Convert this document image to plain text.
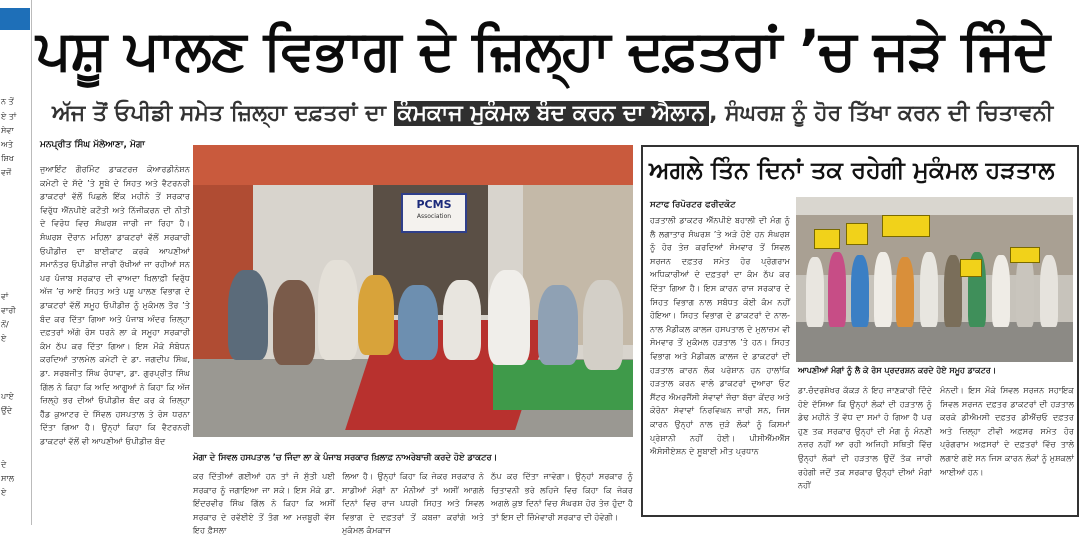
ਨ ਤੋਂ
ਏ ਤਾਂ
ਸੇਵਾ
ਅਤੇ
ਸ਼ਿਖ
ਵਜੋਂ
ਵਾਂ
ਵਾਰੀ
ਨੋਂ/
ਏ
ਪਾਏ
ਉਂਦੇ
ਦੇ
ਸਾਲ
ਏ
ਪਸ਼ੂ ਪਾਲਣ ਵਿਭਾਗ ਦੇ ਜ਼ਿਲ੍ਹਾ ਦਫ਼ਤਰਾਂ ’ਚ ਜੜੇ ਜਿੰਦੇ
ਅੱਜ ਤੋਂ ਓਪੀਡੀ ਸਮੇਤ ਜ਼ਿਲ੍ਹਾ ਦਫ਼ਤਰਾਂ ਦਾ ਕੰਮਕਾਜ ਮੁਕੰਮਲ ਬੰਦ ਕਰਨ ਦਾ ਐਲਾਨ , ਸੰਘਰਸ਼ ਨੂੰ ਹੋਰ ਤਿੱਖਾ ਕਰਨ ਦੀ ਚਿਤਾਵਨੀ
ਮਨਪ੍ਰੀਤ ਸਿੰਘ ਮੱਲੇਆਣਾ, ਮੋਗਾ
ਜੁਆਇੰਟ ਗੌਰਮਿੰਟ ਡਾਕਟਰਜ਼ ਕੋਆਰਡੀਨੇਸ਼ਨ ਕਮੇਟੀ ਦੇ ਸੱਦੇ ’ਤੇ ਸੂਬੇ ਦੇ ਸਿਹਤ ਅਤੇ ਵੈਟਰਨਰੀ ਡਾਕਟਰਾਂ ਵੱਲੋਂ ਪਿਛਲੇ ਇੱਕ ਮਹੀਨੇ ਤੋਂ ਸਰਕਾਰ ਵਿਰੁੱਧ ਐੱਨਪੀਏ ਕਟੌਤੀ ਅਤੇ ਨਿੱਜੀਕਰਨ ਦੀ ਨੀਤੀ ਦੇ ਵਿਰੋਧ ਵਿਚ ਸੰਘਰਸ਼ ਜਾਰੀ ਜਾ ਰਿਹਾ ਹੈ। ਸੰਘਰਸ਼ ਦੌਰਾਨ ਮਹਿਲਾ ਡਾਕਟਰਾਂ ਵੱਲੋਂ ਸਰਕਾਰੀ ਓਪੀਡੀਜ਼ ਦਾ ਬਾਈਕਾਟ ਕਰਕੇ ਆਪਣੀਆਂ ਸਮਾਨੰਤਰ ਓਪੀਡੀਜ਼ ਜਾਰੀ ਰੱਖੀਆਂ ਜਾ ਰਹੀਆਂ ਸਨ ਪਰ ਪੰਜਾਬ ਸਰਕਾਰ ਦੀ ਵਾਅਦਾ ਖ਼ਿਲਾਫ਼ੀ ਵਿਰੁੱਧ ਅੱਜ ’ਚ ਆਏ ਸਿਹਤ ਅਤੇ ਪਸ਼ੂ ਪਾਲਣ ਵਿਭਾਗ ਦੇ ਡਾਕਟਰਾਂ ਵੱਲੋਂ ਸਮੂਹ ਓਪੀਡੀਜ਼ ਨੂੰ ਮੁਕੰਮਲ ਤੌਰ ’ਤੇ ਬੰਦ ਕਰ ਦਿੱਤਾ ਗਿਆ ਅਤੇ ਪੰਜਾਬ ਅੰਦਰ ਜ਼ਿਲ੍ਹਾ ਦਫ਼ਤਰਾਂ ਅੱਗੇ ਰੋਸ ਧਰਨੇ ਲਾ ਕੇ ਸਮੂਹਾ ਸਰਕਾਰੀ ਕੰਮ ਠੱਪ ਕਰ ਦਿੱਤਾ ਗਿਆ। ਇਸ ਮੌਕੇ ਸੰਬੋਧਨ ਕਰਦਿਆਂ ਤਾਲਮੇਲ ਕਮੇਟੀ ਦੇ ਡਾ. ਜਗਦੀਪ ਸਿੰਘ, ਡਾ. ਸਰਬਜੀਤ ਸਿੰਘ ਰੰਧਾਵਾ, ਡਾ. ਗੁਰਪ੍ਰੀਤ ਸਿੰਘ ਗਿੱਲ ਨੇ ਕਿਹਾ ਕਿ ਅਦਿ ਆਗੂਆਂ ਨੇ ਕਿਹਾ ਕਿ ਅੱਜ ਜ਼ਿਲ੍ਹੇ ਭਰ ਦੀਆਂ ਓਪੀਡੀਜ਼ ਬੰਦ ਕਰ ਕੇ ਜ਼ਿਲ੍ਹਾ ਹੈੱਡ ਕੁਆਟਰ ਦੇ ਸਿੱਵਲ ਹਸਪਤਾਲ ਤੇ ਰੋਸ ਧਰਨਾ ਦਿੱਤਾ ਗਿਆ ਹੈ। ਉਨ੍ਹਾਂ ਕਿਹਾ ਕਿ ਵੈਟਰਨਰੀ ਡਾਕਟਰਾਂ ਵੱਲੋਂ ਵੀ ਆਪਣੀਆਂ ਓਪੀਡੀਜ਼ ਬੰਦ
PCMS
Association
ਮੋਗਾ ਦੇ ਸਿਵਲ ਹਸਪਤਾਲ ’ਚ ਜਿੰਦਾ ਲਾ ਕੇ ਪੰਜਾਬ ਸਰਕਾਰ ਖ਼ਿਲਾਫ਼ ਨਾਅਰੇਬਾਜ਼ੀ ਕਰਦੇ ਹੋਏ ਡਾਕਟਰ।
ਕਰ ਦਿੱਤੀਆਂ ਗਈਆਂ ਹਨ ਤਾਂ ਜੋ ਸੁੱਤੀ ਪਈ ਸਰਕਾਰ ਨੂੰ ਜਗਾਇਆ ਜਾ ਸਕੇ। ਇਸ ਮੌਕੇ ਡਾ. ਇੰਦਰਵੀਰ ਸਿੰਘ ਗਿੱਲ ਨੇ ਕਿਹਾ ਕਿ ਅਸੀਂ ਸਰਕਾਰ ਦੇ ਰਵੱਈਏ ਤੋਂ ਤੰਗ ਆ ਮਜ਼ਬੂਰੀ ਵੱਸ ਇਹ ਫ਼ੈਸਲਾ
ਲਿਆ ਹੈ। ਉਨ੍ਹਾਂ ਕਿਹਾ ਕਿ ਜੇਕਰ ਸਰਕਾਰ ਨੇ ਸਾਡੀਆਂ ਮੰਗਾਂ ਨਾ ਮੰਨੀਆਂ ਤਾਂ ਅਸੀਂ ਆਗਲੇ ਦਿਨਾਂ ਵਿਚ ਰਾਜ ਪਧਰੀ ਸਿਹਤ ਅਤੇ ਸਿਵਲ ਵਿਭਾਗ ਦੇ ਦਫ਼ਤਰਾਂ ਤੋਂ ਕਬਜ਼ਾ ਕਰਾਂਗੇ ਅਤੇ ਮੁਕੰਮਲ ਕੰਮਕਾਜ
ਠੱਪ ਕਰ ਦਿੱਤਾ ਜਾਵੇਗਾ। ਉਨ੍ਹਾਂ ਸਰਕਾਰ ਨੂੰ ਚਿਤਾਵਨੀ ਭਰੇ ਲਹਿਜੇ ਵਿਚ ਕਿਹਾ ਕਿ ਜੇਕਰ ਅਗਲੇ ਕੁਝ ਦਿਨਾਂ ਵਿਚ ਸੰਘਰਸ਼ ਹੋਰ ਤੇਜ਼ ਹੁੰਦਾ ਹੈ ਤਾਂ ਇਸ ਦੀ ਜ਼ਿੰਮੇਵਾਰੀ ਸਰਕਾਰ ਦੀ ਹੋਵੇਗੀ।
ਅਗਲੇ ਤਿੰਨ ਦਿਨਾਂ ਤਕ ਰਹੇਗੀ ਮੁਕੰਮਲ ਹੜਤਾਲ
ਸਟਾਫ ਰਿਪੋਰਟਰ ਫਰੀਦਕੋਟ
ਹੜਤਾਲੀ ਡਾਕਟਰ ਐੱਨਪੀਏ ਬਹਾਲੀ ਦੀ ਮੰਗ ਨੂੰ ਲੈ ਲਗਾਤਾਰ ਸੰਘਰਸ਼ ’ਤੇ ਅੜੇ ਹੋਏ ਹਨ ਸੰਘਰਸ਼ ਨੂੰ ਹੋਰ ਤੇਜ਼ ਕਰਦਿਆਂ ਸੋਮਵਾਰ ਤੋਂ ਸਿਵਲ ਸਰਜਨ ਦਫ਼ਤਰ ਸਮੇਤ ਹੋਰ ਪ੍ਰੋਗਰਾਮ ਅਧਿਕਾਰੀਆਂ ਦੇ ਦਫ਼ਤਰਾਂ ਦਾ ਕੰਮ ਠੱਪ ਕਰ ਦਿੱਤਾ ਗਿਆ ਹੈ। ਇਸ ਕਾਰਨ ਰਾਜ ਸਰਕਾਰ ਦੇ ਸਿਹਤ ਵਿਭਾਗ ਨਾਲ ਸਬੰਧਤ ਕੋਈ ਕੰਮ ਨਹੀਂ ਹੋਇਆ। ਸਿਹਤ ਵਿਭਾਗ ਦੇ ਡਾਕਟਰਾਂ ਦੇ ਨਾਲ-ਨਾਲ ਮੈਡੀਕਲ ਕਾਲਜ ਹਸਪਤਾਲ ਦੇ ਮੁਲਾਜ਼ਮ ਵੀ ਸੋਮਵਾਰ ਤੋਂ ਮੁਕੰਮਲ ਹੜਤਾਲ ’ਤੇ ਹਨ। ਸਿਹਤ ਵਿਭਾਗ ਅਤੇ ਮੈਡੀਕਲ ਕਾਲਜ ਦੇ ਡਾਕਟਰਾਂ ਦੀ ਹੜਤਾਲ ਕਾਰਨ ਲੋਕ ਪਰੇਸ਼ਾਨ ਹਨ ਹਾਲਾਂਕਿ ਹੜਤਾਲ ਕਰਨ ਵਾਲੇ ਡਾਕਟਰਾਂ ਦੁਆਰਾ ਓਟ ਸੈਂਟਰ ਐਮਰਜੈਂਸੀ ਸੇਵਾਵਾਂ ਜੱਚਾ ਬੱਚਾ ਕੇਂਦਰ ਅਤੇ ਕੋਰੋਨਾ ਸੇਵਾਵਾਂ ਨਿਰਵਿਘਨ ਜਾਰੀ ਸਨ, ਜਿਸ ਕਾਰਨ ਉਨ੍ਹਾਂ ਨਾਲ ਜੁੜੇ ਲੋਕਾਂ ਨੂੰ ਕਿਸਮਾਂ ਪ੍ਰੇਸ਼ਾਨੀ ਨਹੀਂ ਹੋਈ। ਪੀਸੀਐੱਮਐੱਸ ਐਸੋਸੀਏਸ਼ਨ ਦੇ ਸੂਬਾਈ ਮੀਤ ਪ੍ਰਧਾਨ
ਆਪਣੀਆਂ ਮੰਗਾਂ ਨੂੰ ਲੈ ਕੇ ਰੋਸ ਪ੍ਰਦਰਸ਼ਨ ਕਰਦੇ ਹੋਏ ਸਮੂਹ ਡਾਕਟਰ।
ਡਾ.ਚੰਦਰਸ਼ੇਖਰ ਕੱਕੜ ਨੇ ਇਹ ਜਾਣਕਾਰੀ ਦਿੰਦੇ ਹੋਏ ਦੱਸਿਆ ਕਿ ਉਨ੍ਹਾਂ ਲੋਕਾਂ ਦੀ ਹੜਤਾਲ ਨੂੰ ਡੇਢ ਮਹੀਨੇ ਤੋਂ ਵੱਧ ਦਾ ਸਮਾਂ ਹੋ ਗਿਆ ਹੈ ਪਰ ਹੁਣ ਤਕ ਸਰਕਾਰ ਉਨ੍ਹਾਂ ਦੀ ਮੰਗ ਨੂੰ ਮੰਨਣੀ ਨਜ਼ਰ ਨਹੀਂ ਆ ਰਹੀ ਅਜਿਹੀ ਸਥਿਤੀ ਵਿੱਚ ਉਨ੍ਹਾਂ ਲੋਕਾਂ ਦੀ ਹੜਤਾਲ ਉਦੋਂ ਤੱਕ ਜਾਰੀ ਰਹੇਗੀ ਜਦੋਂ ਤਕ ਸਰਕਾਰ ਉਨ੍ਹਾਂ ਦੀਆਂ ਮੰਗਾਂ ਨਹੀਂ
ਮੰਨਦੀ। ਇਸ ਮੌਕੇ ਸਿਵਲ ਸਰਜਨ ਸਹਾਇਕ ਸਿਵਲ ਸਰਜਨ ਦਫ਼ਤਰ ਡਾਕਟਰਾਂ ਦੀ ਹੜਤਾਲ ਕਰਕੇ ਡੀਐਮਸੀ ਦਫ਼ਤਰ ਡੀਐੱਚਓ ਦਫ਼ਤਰ ਅਤੇ ਜ਼ਿਲ੍ਹਾ ਟੀਵੀ ਅਫ਼ਸਰ ਸਮੇਤ ਹੋਰ ਪ੍ਰੋਗਰਾਮ ਅਫ਼ਸਰਾਂ ਦੇ ਦਫ਼ਤਰਾਂ ਵਿੱਚ ਤਾਲੇ ਲਗਾਏ ਗਏ ਸਨ ਜਿਸ ਕਾਰਨ ਲੋਕਾਂ ਨੂੰ ਮੁਸ਼ਕਲਾਂ ਆਈਆਂ ਹਨ।
